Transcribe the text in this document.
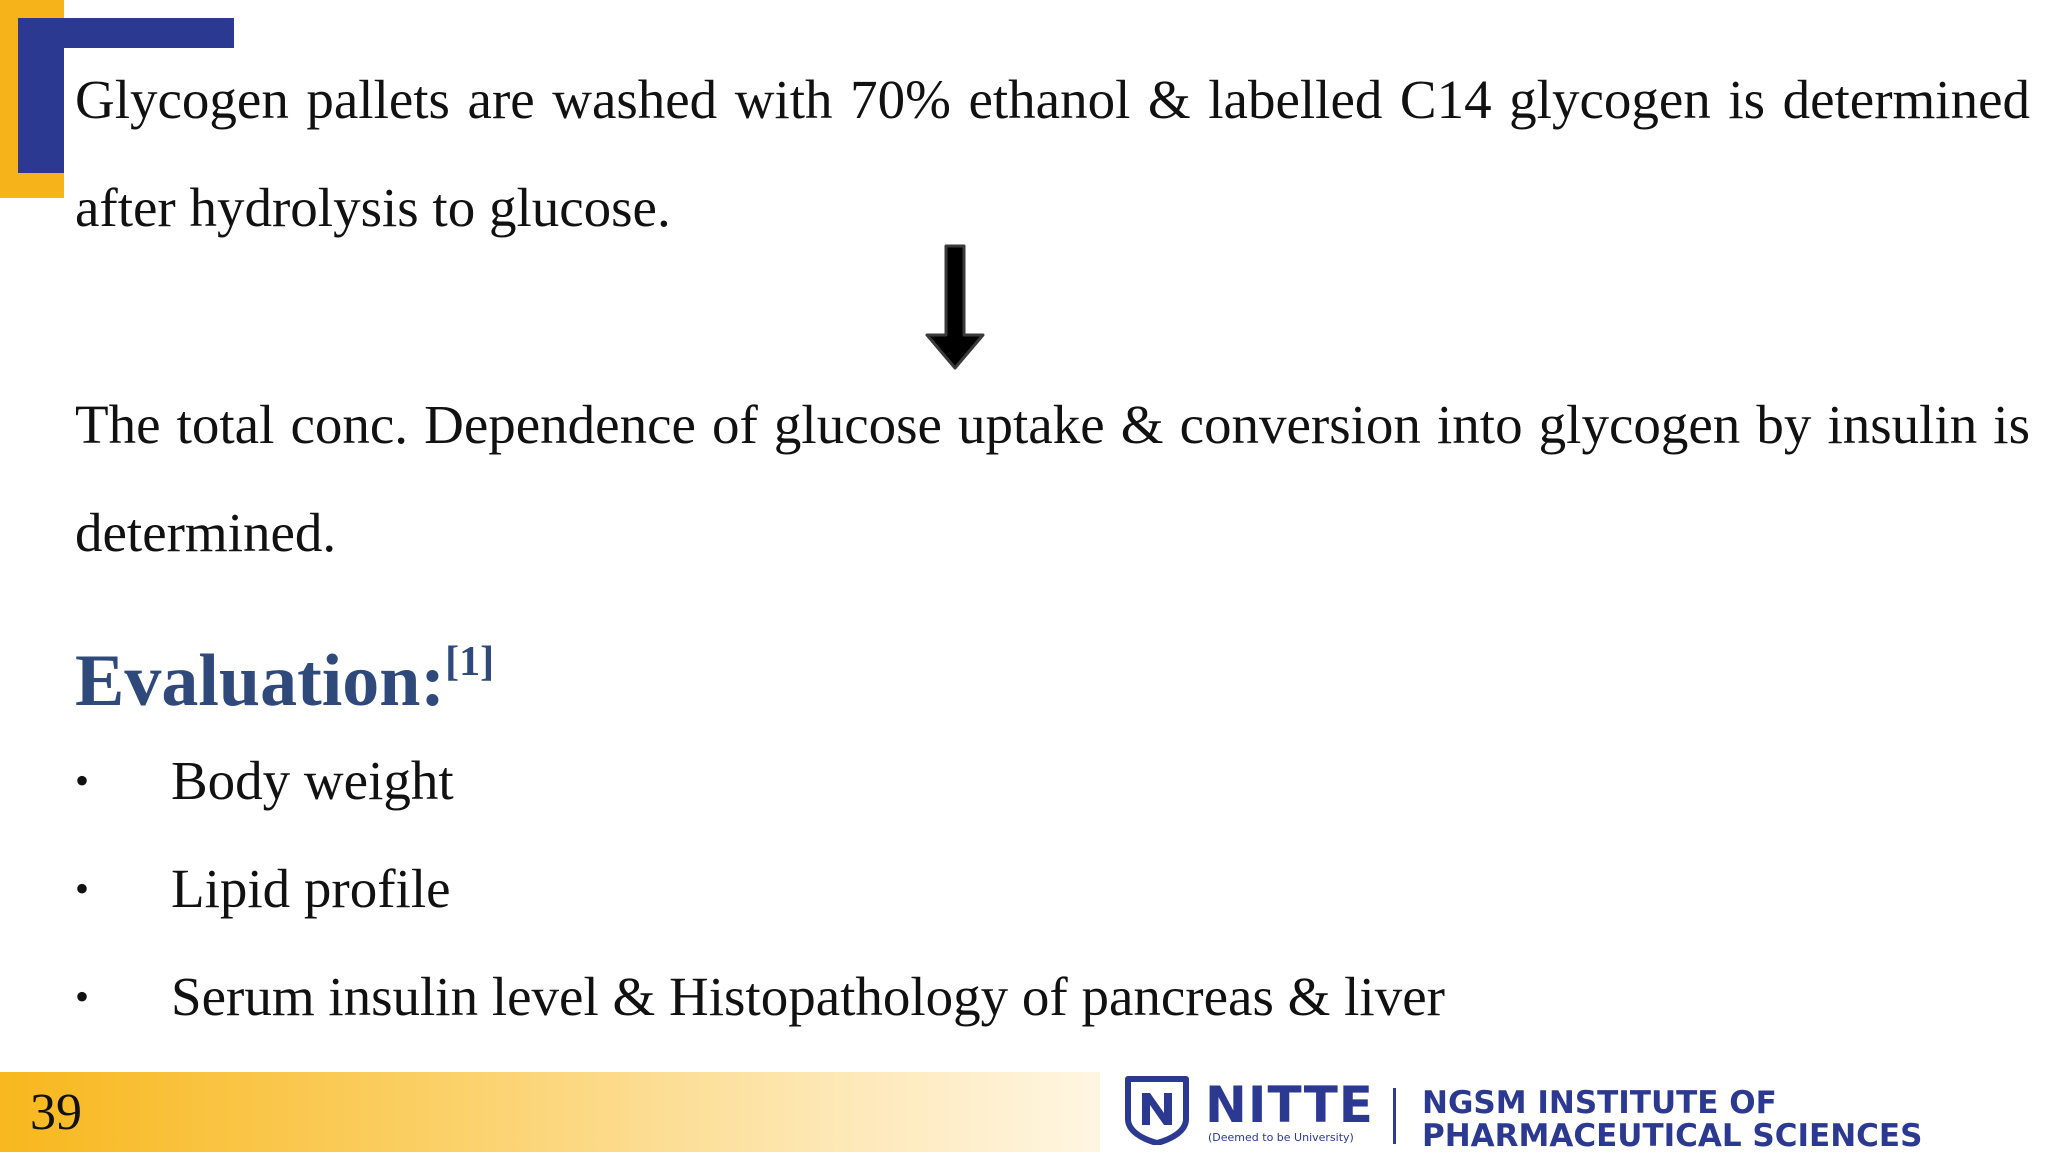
Glycogen pallets are washed with 70% ethanol & labelled C14 glycogen is determined after hydrolysis to glucose.

The total conc. Dependence of glucose uptake & conversion into glycogen by insulin is determined.

Evaluation:[1]
• Body weight
• Lipid profile
• Serum insulin level & Histopathology of pancreas & liver
39	NITTE
(Deemed to be University)
NGSM INSTITUTE OF
PHARMACEUTICAL SCIENCES
